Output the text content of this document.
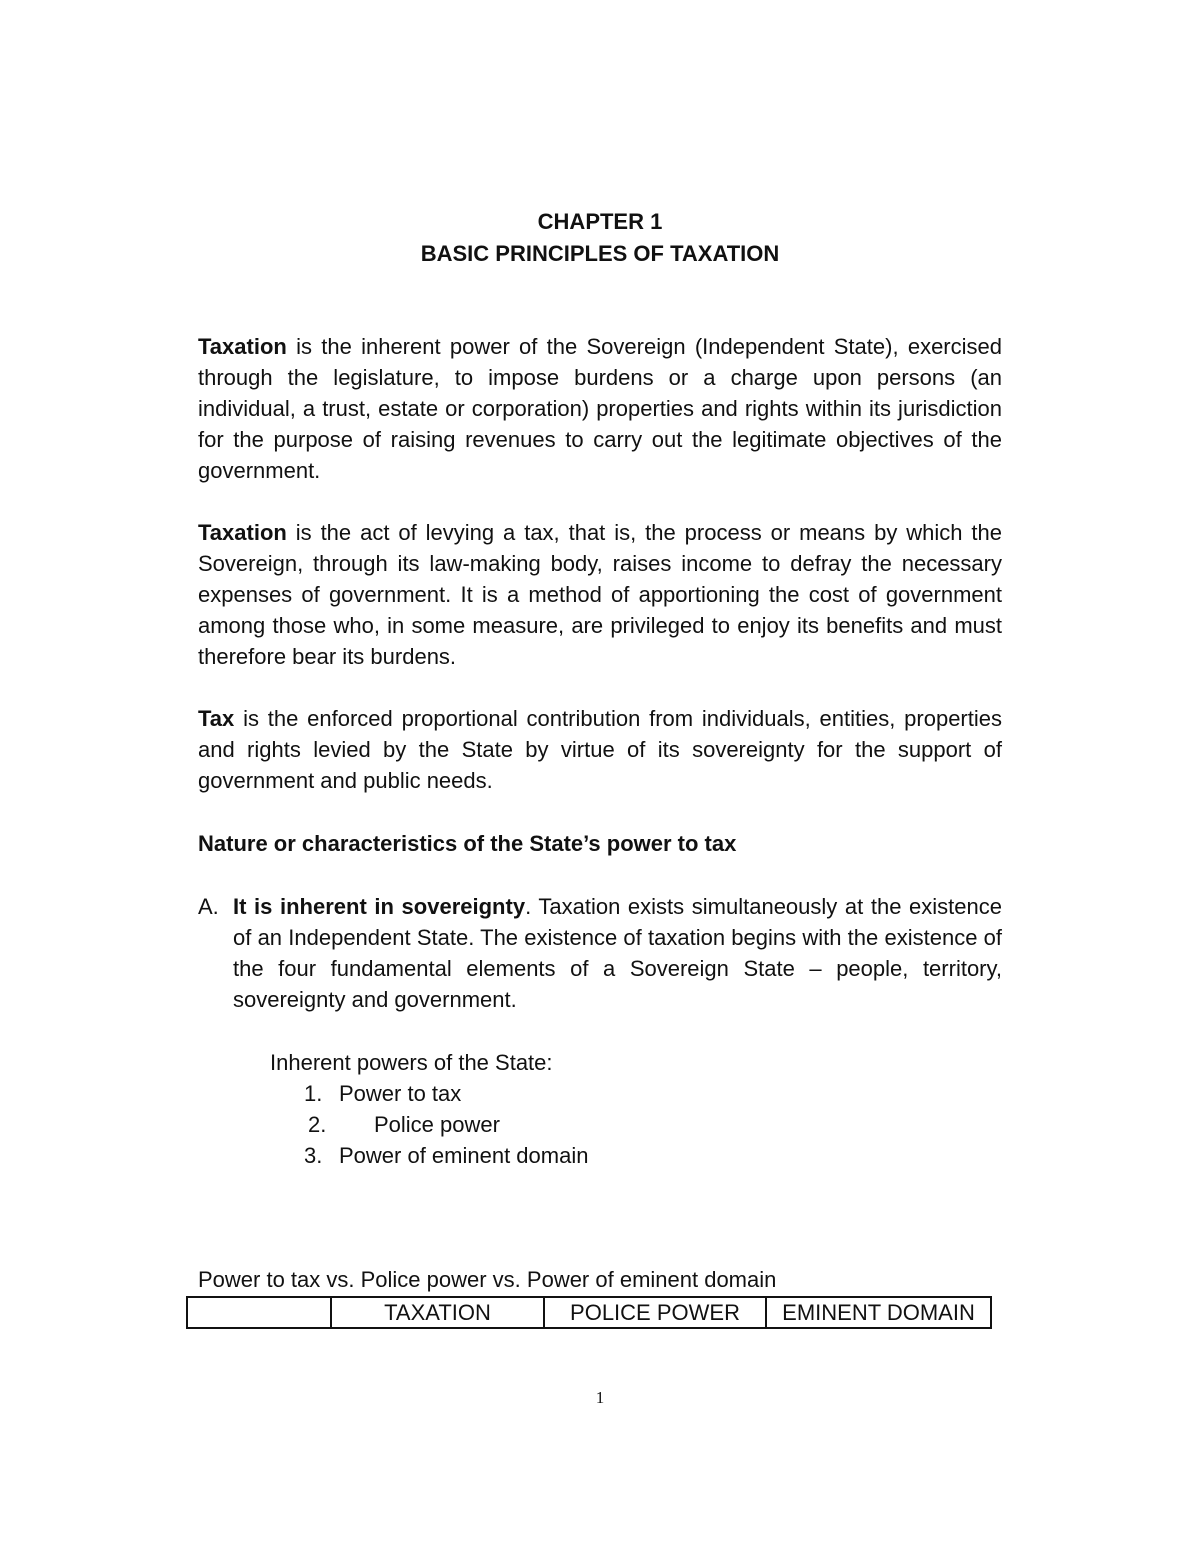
CHAPTER 1
BASIC PRINCIPLES OF TAXATION
Taxation is the inherent power of the Sovereign (Independent State), exercised through the legislature, to impose burdens or a charge upon persons (an individual, a trust, estate or corporation) properties and rights within its jurisdiction for the purpose of raising revenues to carry out the legitimate objectives of the government.
Taxation is the act of levying a tax, that is, the process or means by which the Sovereign, through its law-making body, raises income to defray the necessary expenses of government. It is a method of apportioning the cost of government among those who, in some measure, are privileged to enjoy its benefits and must therefore bear its burdens.
Tax is the enforced proportional contribution from individuals, entities, properties and rights levied by the State by virtue of its sovereignty for the support of government and public needs.
Nature or characteristics of the State’s power to tax
A. It is inherent in sovereignty. Taxation exists simultaneously at the existence of an Independent State. The existence of taxation begins with the existence of the four fundamental elements of a Sovereign State – people, territory, sovereignty and government.
Inherent powers of the State:
1. Power to tax
2. Police power
3. Power of eminent domain
Power to tax vs. Police power vs. Power of eminent domain
	TAXATION	POLICE POWER	EMINENT DOMAIN
1
